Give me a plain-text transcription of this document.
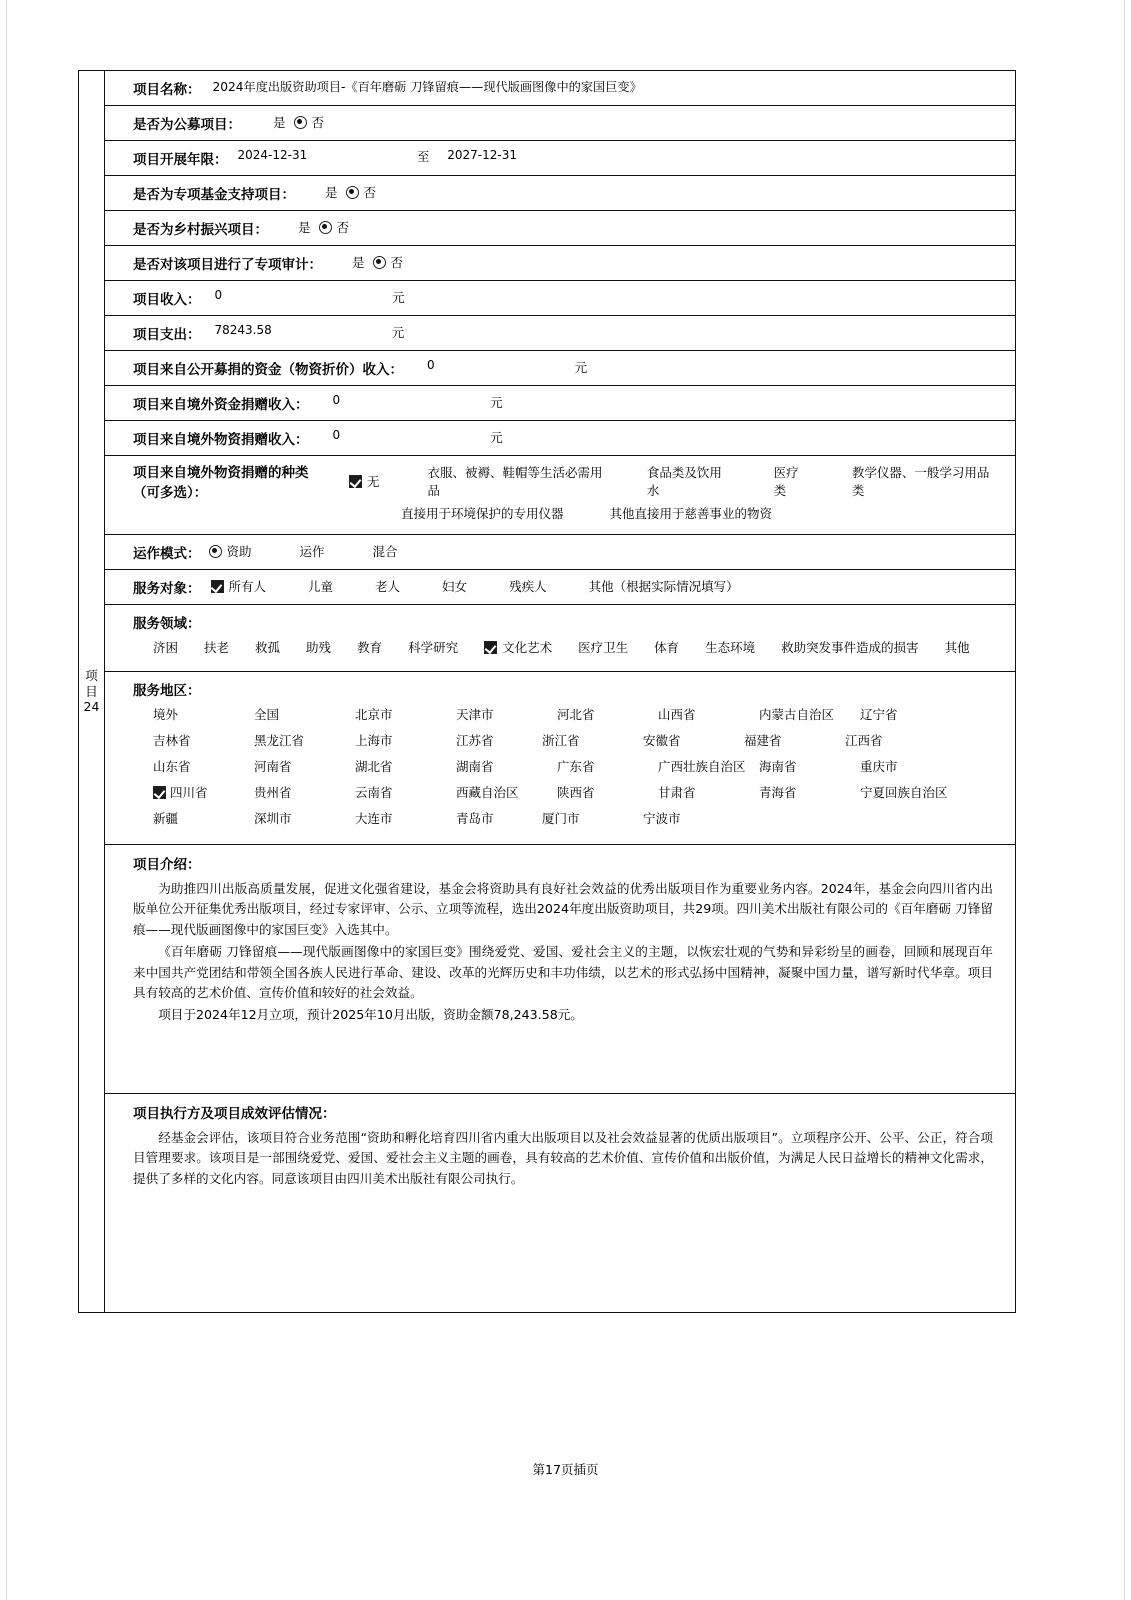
项
目
24
项目名称： 2024年度出版资助项目-《百年磨砺 刀锋留痕——现代版画图像中的家国巨变》
是否为公募项目：	是 否
项目开展年限： 2024-12-31	至 2027-12-31
是否为专项基金支持项目： 是 否
是否为乡村振兴项目： 是 否
是否对该项目进行了专项审计： 是 否
项目收入： 0	元
项目支出： 78243.58	元
项目来自公开募捐的资金（物资折价）收入： 0	元
项目来自境外资金捐赠收入： 0	元
项目来自境外物资捐赠收入： 0	元
项目来自境外物资捐赠的种类
（可多选）：
无
衣服、被褥、鞋帽等生活必需用品
食品类及饮用水
医疗类
教学仪器、一般学习用品类
直接用于环境保护的专用仪器	其他直接用于慈善事业的物资
运作模式： 资助	运作	混合
服务对象： 所有人	儿童	老人	妇女	残疾人	其他（根据实际情况填写）
服务领域：
济困 扶老 救孤 助残 教育 科学研究	文化艺术 医疗卫生 体育 生态环境 救助突发事件造成的损害 其他
服务地区：
境外	全国	北京市	天津市	河北省	山西省	内蒙古自治区 辽宁省
吉林省	黑龙江省	上海市	江苏省	浙江省	安徽省	福建省	江西省
山东省	河南省	湖北省	湖南省	广东省	广西壮族自治区 海南省	重庆市
四川省	贵州省	云南省	西藏自治区	陕西省	甘肃省	青海省	宁夏回族自治区
新疆	深圳市	大连市	青岛市	厦门市	宁波市
项目介绍：

为助推四川出版高质量发展，促进文化强省建设，基金会将资助具有良好社会效益的优秀出版项目作为重要业务内容。2024年，基金会向四川省内出版单位公开征集优秀出版项目，经过专家评审、公示、立项等流程，选出2024年度出版资助项目，共29项。四川美术出版社有限公司的《百年磨砺 刀锋留痕——现代版画图像中的家国巨变》入选其中。

《百年磨砺 刀锋留痕——现代版画图像中的家国巨变》围绕爱党、爱国、爱社会主义的主题，以恢宏壮观的气势和异彩纷呈的画卷，回顾和展现百年来中国共产党团结和带领全国各族人民进行革命、建设、改革的光辉历史和丰功伟绩，以艺术的形式弘扬中国精神，凝聚中国力量，谱写新时代华章。项目具有较高的艺术价值、宣传价值和较好的社会效益。

项目于2024年12月立项，预计2025年10月出版，资助金额78,243.58元。

项目执行方及项目成效评估情况：

经基金会评估，该项目符合业务范围“资助和孵化培育四川省内重大出版项目以及社会效益显著的优质出版项目”。立项程序公开、公平、公正，符合项目管理要求。该项目是一部围绕爱党、爱国、爱社会主义主题的画卷，具有较高的艺术价值、宣传价值和出版价值，为满足人民日益增长的精神文化需求，提供了多样的文化内容。同意该项目由四川美术出版社有限公司执行。

第17页插页
